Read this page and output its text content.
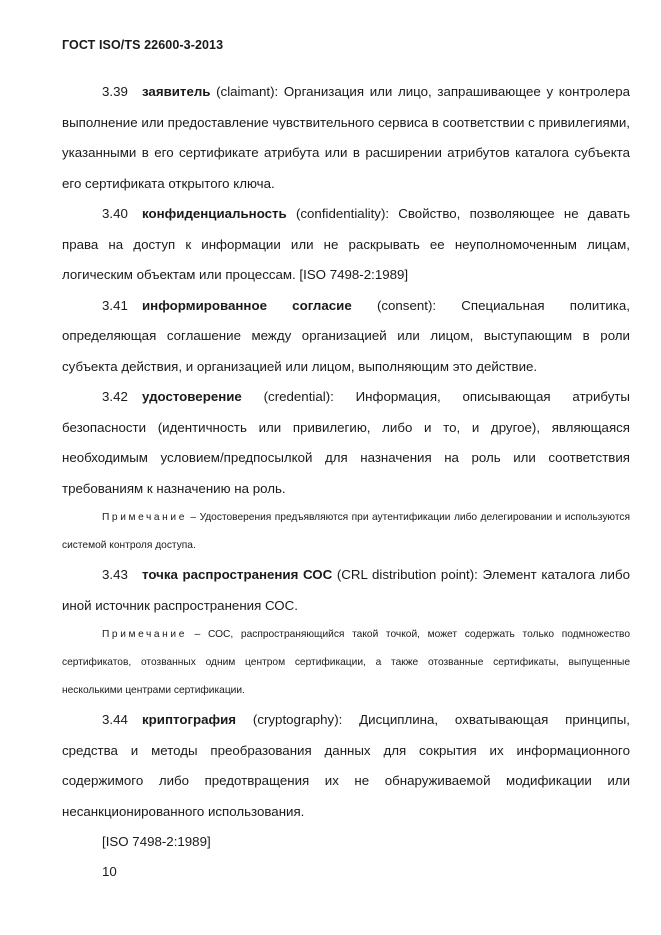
ГОСТ ISO/TS 22600-3-2013

3.39 заявитель (claimant): Организация или лицо, запрашивающее у контролера выполнение или предоставление чувствительного сервиса в соответствии с привилегиями, указанными в его сертификате атрибута или в расширении атрибутов каталога субъекта его сертификата открытого ключа.

3.40 конфиденциальность (confidentiality): Свойство, позволяющее не давать права на доступ к информации или не раскрывать ее неуполномоченным лицам, логическим объектам или процессам. [ISO 7498-2:1989]

3.41 информированное согласие (consent): Специальная политика, определяющая соглашение между организацией или лицом, выступающим в роли субъекта действия, и организацией или лицом, выполняющим это действие.

3.42 удостоверение (credential): Информация, описывающая атрибуты безопасности (идентичность или привилегию, либо и то, и другое), являющаяся необходимым условием/предпосылкой для назначения на роль или соответствия требованиям к назначению на роль.

Примечание – Удостоверения предъявляются при аутентификации либо делегировании и используются системой контроля доступа.

3.43 точка распространения СОС (CRL distribution point): Элемент каталога либо иной источник распространения СОС.

Примечание – СОС, распространяющийся такой точкой, может содержать только подмножество сертификатов, отозванных одним центром сертификации, а также отозванные сертификаты, выпущенные несколькими центрами сертификации.

3.44 криптография (cryptography): Дисциплина, охватывающая принципы, средства и методы преобразования данных для сокрытия их информационного содержимого либо предотвращения их не обнаруживаемой модификации или несанкционированного использования.

[ISO 7498-2:1989]

10
